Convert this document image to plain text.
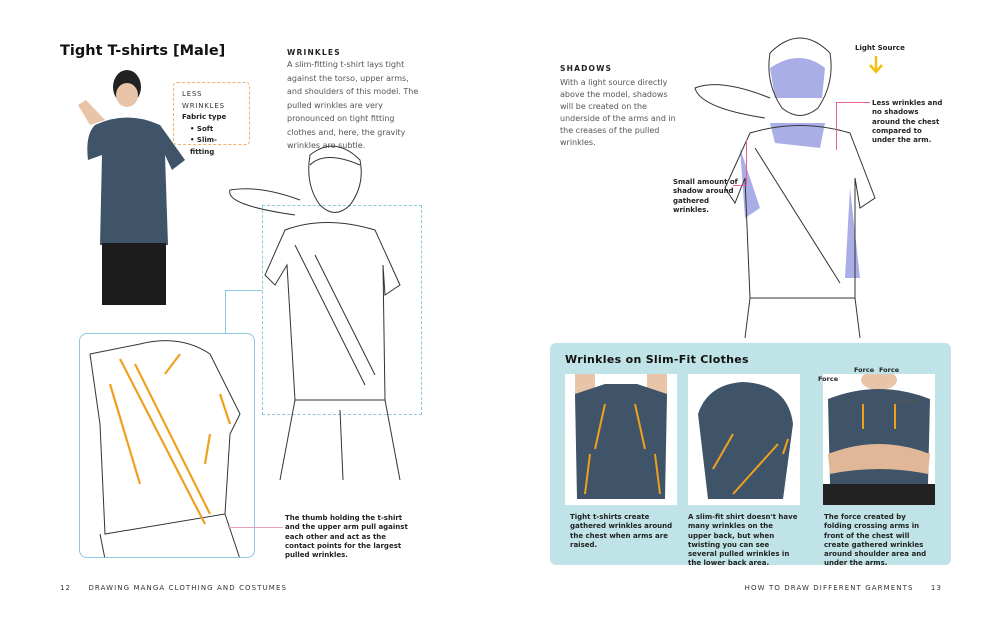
Tight T-shirts [Male]
LESS WRINKLES
Fabric type
• Soft
• Slim-fitting
WRINKLES
A slim-fitting t-shirt lays tight against the torso, upper arms, and shoulders of this model. The pulled wrinkles are very pronounced on tight fitting clothes and, here, the gravity wrinkles are subtle.
The thumb holding the t-shirt and the upper arm pull against each other and act as the contact points for the largest pulled wrinkles.
12 DRAWING MANGA CLOTHING AND COSTUMES
SHADOWS
With a light source directly above the model, shadows will be created on the underside of the arms and in the creases of the pulled wrinkles.
Light Source
Less wrinkles and no shadows around the chest compared to under the arm.
Small amount of shadow around gathered wrinkles.
Wrinkles on Slim-Fit Clothes
Force
Force Force
Force
Tight t-shirts create gathered wrinkles around the chest when arms are raised.
A slim-fit shirt doesn't have many wrinkles on the upper back, but when twisting you can see several pulled wrinkles in the lower back area.
The force created by folding crossing arms in front of the chest will create gathered wrinkles around shoulder area and under the arms.
HOW TO DRAW DIFFERENT GARMENTS 13
